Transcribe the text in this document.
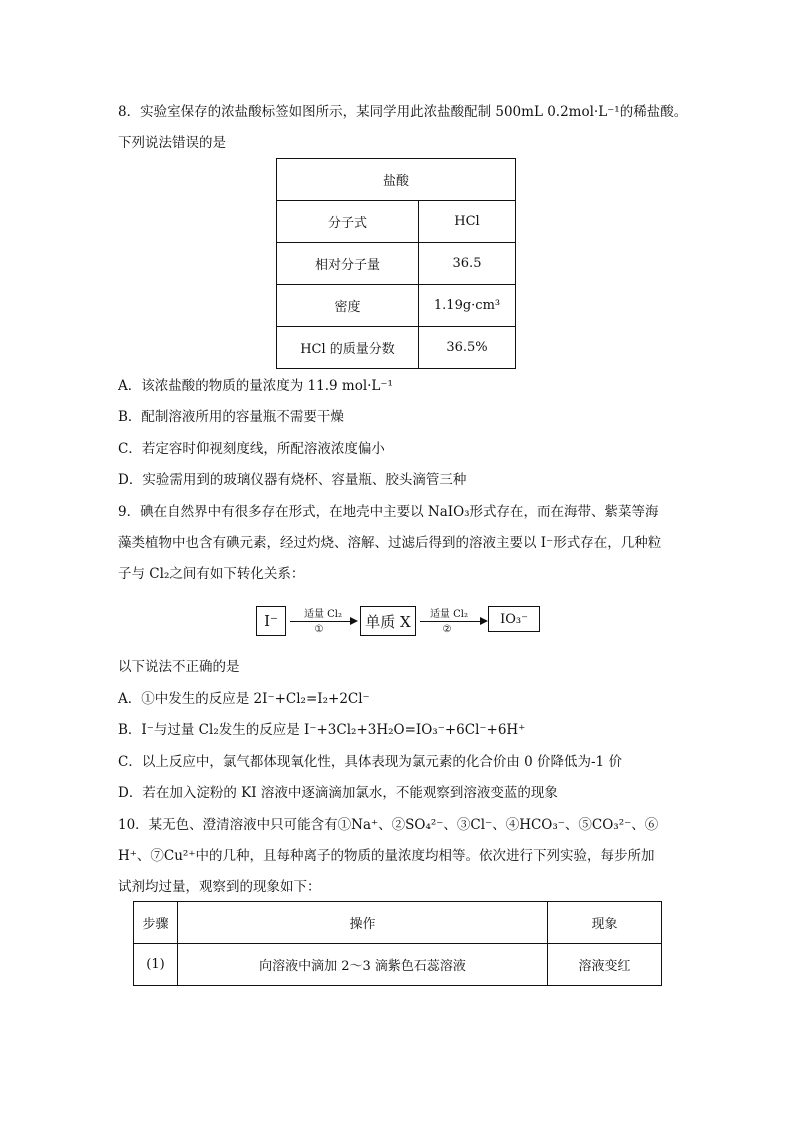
8．实验室保存的浓盐酸标签如图所示，某同学用此浓盐酸配制 500mL 0.2mol·L⁻¹的稀盐酸。
下列说法错误的是
盐酸	
分子式	HCl
相对分子量	36.5
密度	1.19g·cm³
HCl 的质量分数	36.5%
A．该浓盐酸的物质的量浓度为 11.9 mol·L⁻¹
B．配制溶液所用的容量瓶不需要干燥
C．若定容时仰视刻度线，所配溶液浓度偏小
D．实验需用到的玻璃仪器有烧杯、容量瓶、胶头滴管三种
9．碘在自然界中有很多存在形式，在地壳中主要以 NaIO₃形式存在，而在海带、紫菜等海
藻类植物中也含有碘元素，经过灼烧、溶解、过滤后得到的溶液主要以 I⁻形式存在，几种粒
子与 Cl₂之间有如下转化关系：
I⁻	适量 Cl₂
①	单质 X	适量 Cl₂
②
IO₃⁻
以下说法不正确的是
A．①中发生的反应是 2I⁻+Cl₂=I₂+2Cl⁻
B．I⁻与过量 Cl₂发生的反应是 I⁻+3Cl₂+3H₂O=IO₃⁻+6Cl⁻+6H⁺
C．以上反应中，氯气都体现氧化性，具体表现为氯元素的化合价由 0 价降低为-1 价
D．若在加入淀粉的 KI 溶液中逐滴滴加氯水，不能观察到溶液变蓝的现象
10．某无色、澄清溶液中只可能含有①Na⁺、②SO₄²⁻、③Cl⁻、④HCO₃⁻、⑤CO₃²⁻、⑥
H⁺、⑦Cu²⁺中的几种，且每种离子的物质的量浓度均相等。依次进行下列实验，每步所加
试剂均过量，观察到的现象如下：
步骤	操作	现象
(1)	向溶液中滴加 2～3 滴紫色石蕊溶液	溶液变红
